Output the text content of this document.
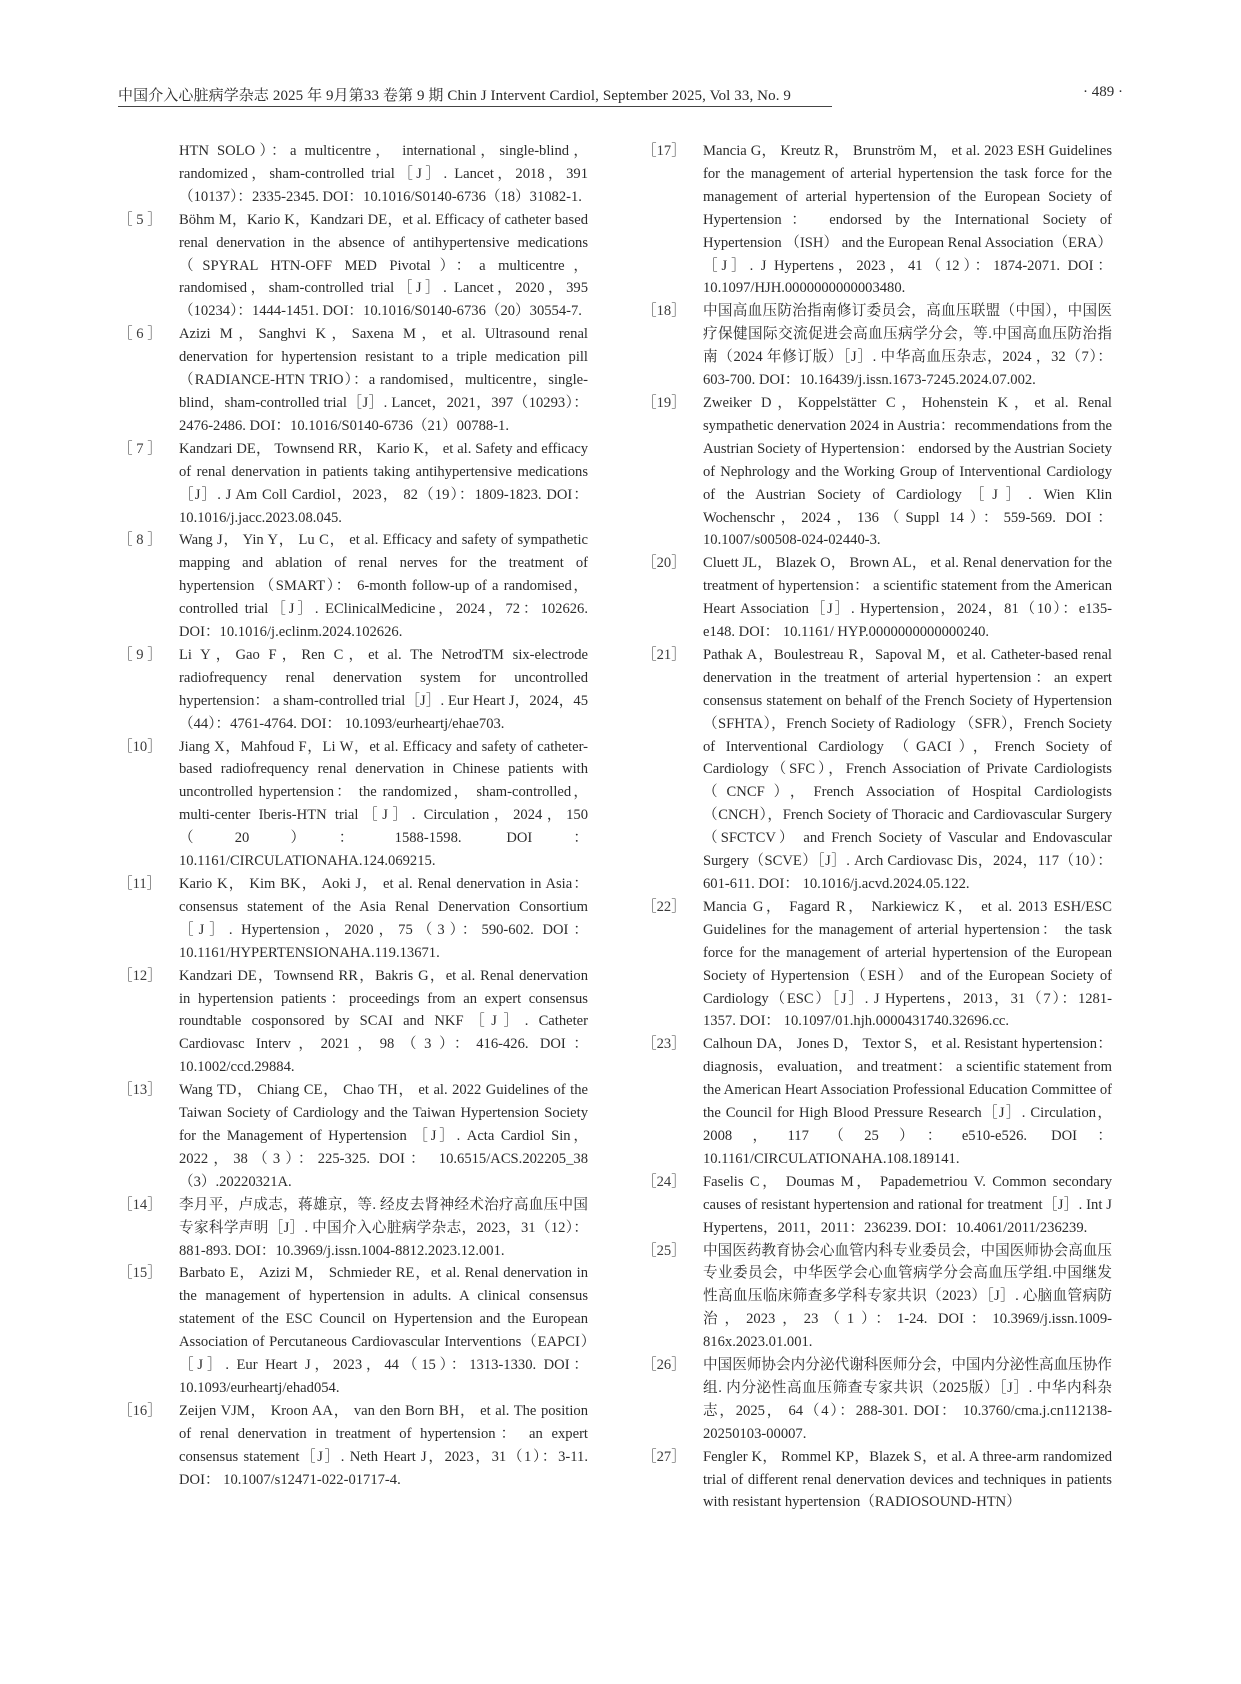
中国介入心脏病学杂志 2025 年 9月第33 卷第 9 期 Chin J Intervent Cardiol, September 2025, Vol 33, No. 9	· 489 ·
HTN SOLO）：a multicentre， international，single-blind，randomized，sham-controlled trial［J］. Lancet，2018，391（10137）：2335-2345. DOI：10.1016/S0140-6736（18）31082-1.
［ 5 ］	Böhm M，Kario K，Kandzari DE，et al. Efficacy of catheter based renal denervation in the absence of antihypertensive medications（SPYRAL HTN-OFF MED Pivotal）：a multicentre，randomised，sham-controlled trial［J］. Lancet，2020，395（10234）：1444-1451. DOI：10.1016/S0140-6736（20）30554-7.
［ 6 ］	Azizi M，Sanghvi K，Saxena M，et al. Ultrasound renal denervation for hypertension resistant to a triple medication pill（RADIANCE-HTN TRIO）：a randomised，multicentre，single-blind，sham-controlled trial［J］. Lancet，2021，397（10293）：2476-2486. DOI：10.1016/S0140-6736（21）00788-1.
［ 7 ］	Kandzari DE， Townsend RR， Kario K， et al. Safety and efficacy of renal denervation in patients taking antihypertensive medications［J］. J Am Coll Cardiol，2023， 82（19）：1809-1823. DOI：10.1016/j.jacc.2023.08.045.
［ 8 ］	Wang J， Yin Y， Lu C， et al. Efficacy and safety of sympathetic mapping and ablation of renal nerves for the treatment of hypertension （SMART）： 6-month follow-up of a randomised， controlled trial［J］. EClinicalMedicine，2024，72：102626. DOI：10.1016/j.eclinm.2024.102626.
［ 9 ］	Li Y，Gao F，Ren C，et al. The NetrodTM six-electrode radiofrequency renal denervation system for uncontrolled hypertension： a sham-controlled trial［J］. Eur Heart J，2024，45（44）：4761-4764. DOI： 10.1093/eurheartj/ehae703.
［10］	Jiang X，Mahfoud F，Li W，et al. Efficacy and safety of catheter-based radiofrequency renal denervation in Chinese patients with uncontrolled hypertension： the randomized， sham-controlled，multi-center Iberis-HTN trial［J］. Circulation，2024，150（20）：1588-1598. DOI： 10.1161/CIRCULATIONAHA.124.069215.
［11］	Kario K， Kim BK， Aoki J， et al. Renal denervation in Asia：consensus statement of the Asia Renal Denervation Consortium［J］. Hypertension，2020，75（3）：590-602. DOI：10.1161/HYPERTENSIONAHA.119.13671.
［12］	Kandzari DE，Townsend RR，Bakris G，et al. Renal denervation in hypertension patients：proceedings from an expert consensus roundtable cosponsored by SCAI and NKF［J］. Catheter Cardiovasc Interv，2021，98（3）：416-426. DOI： 10.1002/ccd.29884.
［13］	Wang TD， Chiang CE， Chao TH， et al. 2022 Guidelines of the Taiwan Society of Cardiology and the Taiwan Hypertension Society for the Management of Hypertension ［J］. Acta Cardiol Sin，2022，38（3）：225-325. DOI： 10.6515/ACS.202205_38（3）.20220321A.
［14］	李月平，卢成志，蒋雄京，等. 经皮去肾神经术治疗高血压中国专家科学声明［J］. 中国介入心脏病学杂志，2023，31（12）：881-893. DOI：10.3969/j.issn.1004-8812.2023.12.001.
［15］	Barbato E， Azizi M， Schmieder RE，et al. Renal denervation in the management of hypertension in adults. A clinical consensus statement of the ESC Council on Hypertension and the European Association of Percutaneous Cardiovascular Interventions（EAPCI）［J］. Eur Heart J，2023，44（15）：1313-1330. DOI： 10.1093/eurheartj/ehad054.
［16］	Zeijen VJM， Kroon AA， van den Born BH， et al. The position of renal denervation in treatment of hypertension： an expert consensus statement［J］. Neth Heart J，2023，31（1）：3-11. DOI： 10.1007/s12471-022-01717-4.
［17］	Mancia G， Kreutz R， Brunström M， et al. 2023 ESH Guidelines for the management of arterial hypertension the task force for the management of arterial hypertension of the European Society of Hypertension： endorsed by the International Society of Hypertension （ISH） and the European Renal Association（ERA）［J］. J Hypertens，2023，41（12）：1874-2071. DOI： 10.1097/HJH.0000000000003480.
［18］	中国高血压防治指南修订委员会，高血压联盟（中国），中国医疗保健国际交流促进会高血压病学分会，等.中国高血压防治指南（2024 年修订版）［J］. 中华高血压杂志，2024 ，32（7）：603-700. DOI：10.16439/j.issn.1673-7245.2024.07.002.
［19］	Zweiker D，Koppelstätter C，Hohenstein K，et al. Renal sympathetic denervation 2024 in Austria：recommendations from the Austrian Society of Hypertension： endorsed by the Austrian Society of Nephrology and the Working Group of Interventional Cardiology of the Austrian Society of Cardiology［J］. Wien Klin Wochenschr，2024，136（Suppl 14）：559-569. DOI：10.1007/s00508-024-02440-3.
［20］	Cluett JL， Blazek O， Brown AL， et al. Renal denervation for the treatment of hypertension： a scientific statement from the American Heart Association［J］. Hypertension，2024，81（10）：e135-e148. DOI： 10.1161/ HYP.0000000000000240.
［21］	Pathak A，Boulestreau R，Sapoval M，et al. Catheter-based renal denervation in the treatment of arterial hypertension：an expert consensus statement on behalf of the French Society of Hypertension（SFHTA），French Society of Radiology （SFR），French Society of Interventional Cardiology （GACI），French Society of Cardiology（SFC），French Association of Private Cardiologists（CNCF），French Association of Hospital Cardiologists（CNCH），French Society of Thoracic and Cardiovascular Surgery（SFCTCV） and French Society of Vascular and Endovascular Surgery（SCVE）［J］. Arch Cardiovasc Dis，2024，117（10）：601-611. DOI： 10.1016/j.acvd.2024.05.122.
［22］	Mancia G， Fagard R， Narkiewicz K， et al. 2013 ESH/ESC Guidelines for the management of arterial hypertension： the task force for the management of arterial hypertension of the European Society of Hypertension（ESH） and of the European Society of Cardiology（ESC）［J］. J Hypertens，2013，31（7）：1281-1357. DOI： 10.1097/01.hjh.0000431740.32696.cc.
［23］	Calhoun DA， Jones D， Textor S， et al. Resistant hypertension： diagnosis， evaluation， and treatment： a scientific statement from the American Heart Association Professional Education Committee of the Council for High Blood Pressure Research［J］. Circulation，2008，117（25）：e510-e526. DOI： 10.1161/CIRCULATIONAHA.108.189141.
［24］	Faselis C， Doumas M， Papademetriou V. Common secondary causes of resistant hypertension and rational for treatment［J］. Int J Hypertens，2011，2011：236239. DOI：10.4061/2011/236239.
［25］	中国医药教育协会心血管内科专业委员会，中国医师协会高血压专业委员会，中华医学会心血管病学分会高血压学组.中国继发性高血压临床筛查多学科专家共识（2023）［J］. 心脑血管病防治，2023，23（1）：1-24. DOI：10.3969/j.issn.1009-816x.2023.01.001.
［26］	中国医师协会内分泌代谢科医师分会，中国内分泌性高血压协作组. 内分泌性高血压筛查专家共识（2025版）［J］. 中华内科杂志，2025， 64（4）：288-301. DOI： 10.3760/cma.j.cn112138-20250103-00007.
［27］	Fengler K， Rommel KP，Blazek S，et al. A three-arm randomized trial of different renal denervation devices and techniques in patients with resistant hypertension（RADIOSOUND-HTN）
